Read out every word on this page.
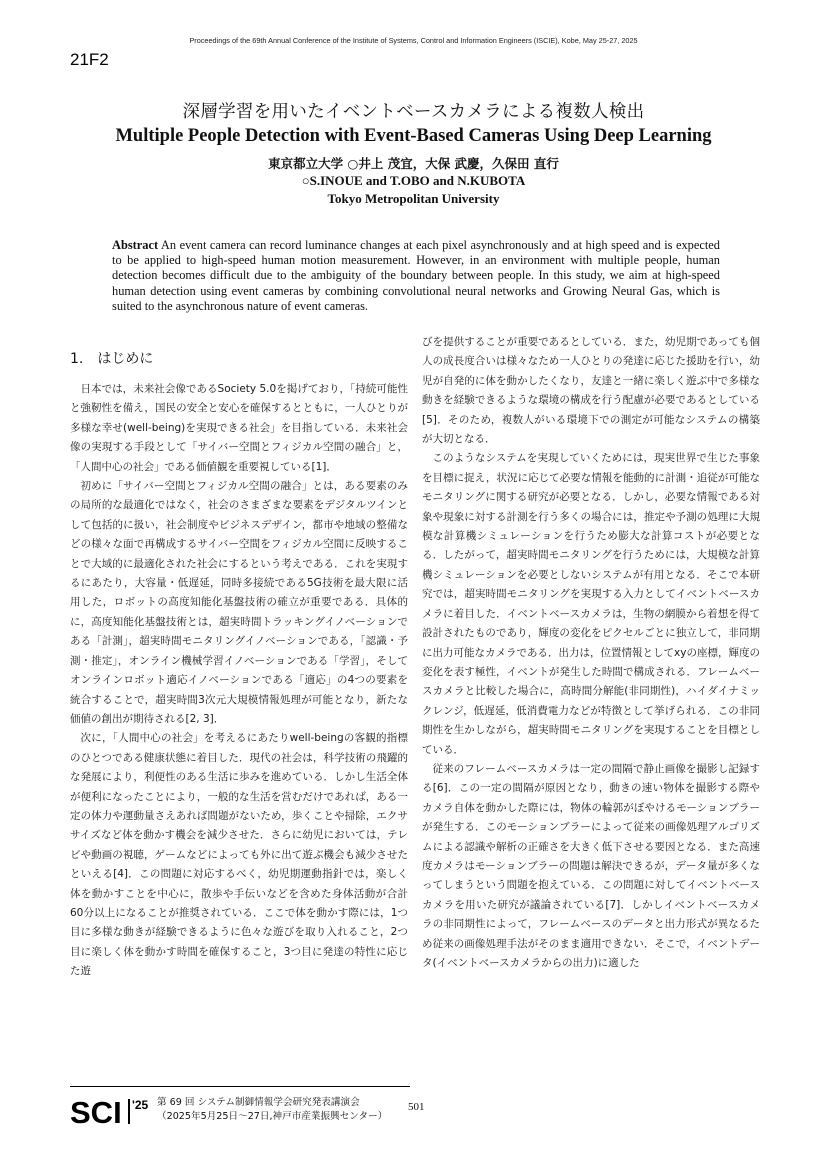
Proceedings of the 69th Annual Conference of the Institute of Systems, Control and Information Engineers (ISCIE), Kobe, May 25-27, 2025
21F2
深層学習を用いたイベントベースカメラによる複数人検出
Multiple People Detection with Event-Based Cameras Using Deep Learning
東京都立大学 ○井上 茂宜，大保 武慶，久保田 直行
○S.INOUE and T.OBO and N.KUBOTA
Tokyo Metropolitan University
Abstract An event camera can record luminance changes at each pixel asynchronously and at high speed and is expected to be applied to high-speed human motion measurement. However, in an environment with multiple people, human detection becomes difficult due to the ambiguity of the boundary between people. In this study, we aim at high-speed human detection using event cameras by combining convolutional neural networks and Growing Neural Gas, which is suited to the asynchronous nature of event cameras.
1.　はじめに

日本では，未来社会像であるSociety 5.0を掲げており，「持続可能性と強靭性を備え，国民の安全と安心を確保するとともに，一人ひとりが多様な幸せ(well-being)を実現できる社会」を目指している．未来社会像の実現する手段として「サイバー空間とフィジカル空間の融合」と，「人間中心の社会」である価値観を重要視している[1]．

初めに「サイバー空間とフィジカル空間の融合」とは，ある要素のみの局所的な最適化ではなく，社会のさまざまな要素をデジタルツインとして包括的に扱い，社会制度やビジネスデザイン，都市や地域の整備などの様々な面で再構成するサイバー空間をフィジカル空間に反映することで大域的に最適化された社会にするという考えである．これを実現するにあたり，大容量・低遅延，同時多接続である5G技術を最大限に活用した，ロボットの高度知能化基盤技術の確立が重要である．具体的に，高度知能化基盤技術とは，超実時間トラッキングイノベーションである「計測」，超実時間モニタリングイノベーションである，「認識・予測・推定」，オンライン機械学習イノベーションである「学習」，そしてオンラインロボット適応イノベーションである「適応」の4つの要素を統合することで，超実時間3次元大規模情報処理が可能となり，新たな価値の創出が期待される[2, 3]．

次に，「人間中心の社会」を考えるにあたりwell-beingの客観的指標のひとつである健康状態に着目した．現代の社会は，科学技術の飛躍的な発展により，利便性のある生活に歩みを進めている．しかし生活全体が便利になったことにより，一般的な生活を営むだけであれば，ある一定の体力や運動量さえあれば問題がないため，歩くことや掃除，エクササイズなど体を動かす機会を減少させた．さらに幼児においては，テレビや動画の視聴，ゲームなどによっても外に出て遊ぶ機会も減少させたといえる[4]．この問題に対応するべく，幼児期運動指針では，楽しく体を動かすことを中心に，散歩や手伝いなどを含めた身体活動が合計60分以上になることが推奨されている．ここで体を動かす際には，1つ目に多様な動きが経験できるように色々な遊びを取り入れること，2つ目に楽しく体を動かす時間を確保すること，3つ目に発達の特性に応じた遊

びを提供することが重要であるとしている．また，幼児期であっても個人の成長度合いは様々なため一人ひとりの発達に応じた援助を行い，幼児が自発的に体を動かしたくなり，友達と一緒に楽しく遊ぶ中で多様な動きを経験できるような環境の構成を行う配慮が必要であるとしている[5]．そのため，複数人がいる環境下での測定が可能なシステムの構築が大切となる．

このようなシステムを実現していくためには，現実世界で生じた事象を目標に捉え，状況に応じて必要な情報を能動的に計測・追従が可能なモニタリングに関する研究が必要となる．しかし，必要な情報である対象や現象に対する計測を行う多くの場合には，推定や予測の処理に大規模な計算機シミュレーションを行うため膨大な計算コストが必要となる．したがって，超実時間モニタリングを行うためには，大規模な計算機シミュレーションを必要としないシステムが有用となる．そこで本研究では，超実時間モニタリングを実現する入力としてイベントベースカメラに着目した．イベントベースカメラは，生物の網膜から着想を得て設計されたものであり，輝度の変化をピクセルごとに独立して，非同期に出力可能なカメラである．出力は，位置情報としてxyの座標，輝度の変化を表す極性，イベントが発生した時間で構成される．フレームベースカメラと比較した場合に，高時間分解能(非同期性)，ハイダイナミックレンジ，低遅延，低消費電力などが特徴として挙げられる．この非同期性を生かしながら，超実時間モニタリングを実現することを目標としている．

従来のフレームベースカメラは一定の間隔で静止画像を撮影し記録する[6]．この一定の間隔が原因となり，動きの速い物体を撮影する際やカメラ自体を動かした際には，物体の輪郭がぼやけるモーションブラーが発生する．このモーションブラーによって従来の画像処理アルゴリズムによる認識や解析の正確さを大きく低下させる要因となる．また高速度カメラはモーションブラーの問題は解決できるが，データ量が多くなってしまうという問題を抱えている．この問題に対してイベントベースカメラを用いた研究が議論されている[7]．しかしイベントベースカメラの非同期性によって，フレームベースのデータと出力形式が異なるため従来の画像処理手法がそのまま適用できない．そこで，イベントデータ(イベントベースカメラからの出力)に適した

SCI '25 第 69 回 システム制御情報学会研究発表講演会
（2025年5月25日～27日,神戸市産業振興センター）
501
